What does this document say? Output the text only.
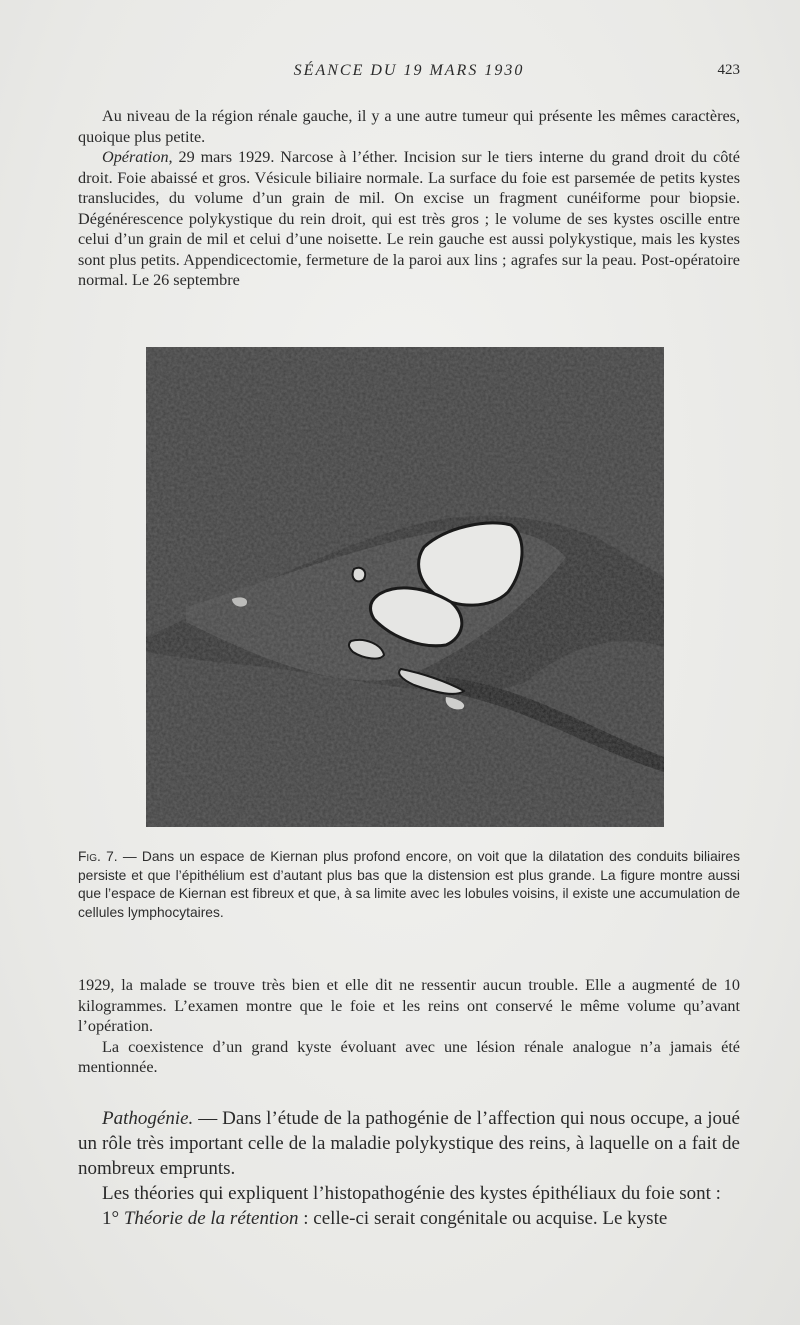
SÉANCE DU 19 MARS 1930	423

Au niveau de la région rénale gauche, il y a une autre tumeur qui présente les mêmes caractères, quoique plus petite.

Opération, 29 mars 1929. Narcose à l’éther. Incision sur le tiers interne du grand droit du côté droit. Foie abaissé et gros. Vésicule biliaire normale. La surface du foie est parsemée de petits kystes translucides, du volume d’un grain de mil. On excise un fragment cunéiforme pour biopsie. Dégénérescence polykystique du rein droit, qui est très gros ; le volume de ses kystes oscille entre celui d’un grain de mil et celui d’une noisette. Le rein gauche est aussi polykystique, mais les kystes sont plus petits. Appendicectomie, fermeture de la paroi aux lins ; agrafes sur la peau. Post-opératoire normal. Le 26 septembre

Fig. 7. — Dans un espace de Kiernan plus profond encore, on voit que la dilatation des conduits biliaires persiste et que l’épithélium est d’autant plus bas que la distension est plus grande. La figure montre aussi que l’espace de Kiernan est fibreux et que, à sa limite avec les lobules voisins, il existe une accumulation de cellules lymphocytaires.

1929, la malade se trouve très bien et elle dit ne ressentir aucun trouble. Elle a augmenté de 10 kilogrammes. L’examen montre que le foie et les reins ont conservé le même volume qu’avant l’opération.

La coexistence d’un grand kyste évoluant avec une lésion rénale analogue n’a jamais été mentionnée.

Pathogénie. — Dans l’étude de la pathogénie de l’affection qui nous occupe, a joué un rôle très important celle de la maladie polykystique des reins, à laquelle on a fait de nombreux emprunts.

Les théories qui expliquent l’histopathogénie des kystes épithéliaux du foie sont :

1° Théorie de la rétention : celle-ci serait congénitale ou acquise. Le kyste
